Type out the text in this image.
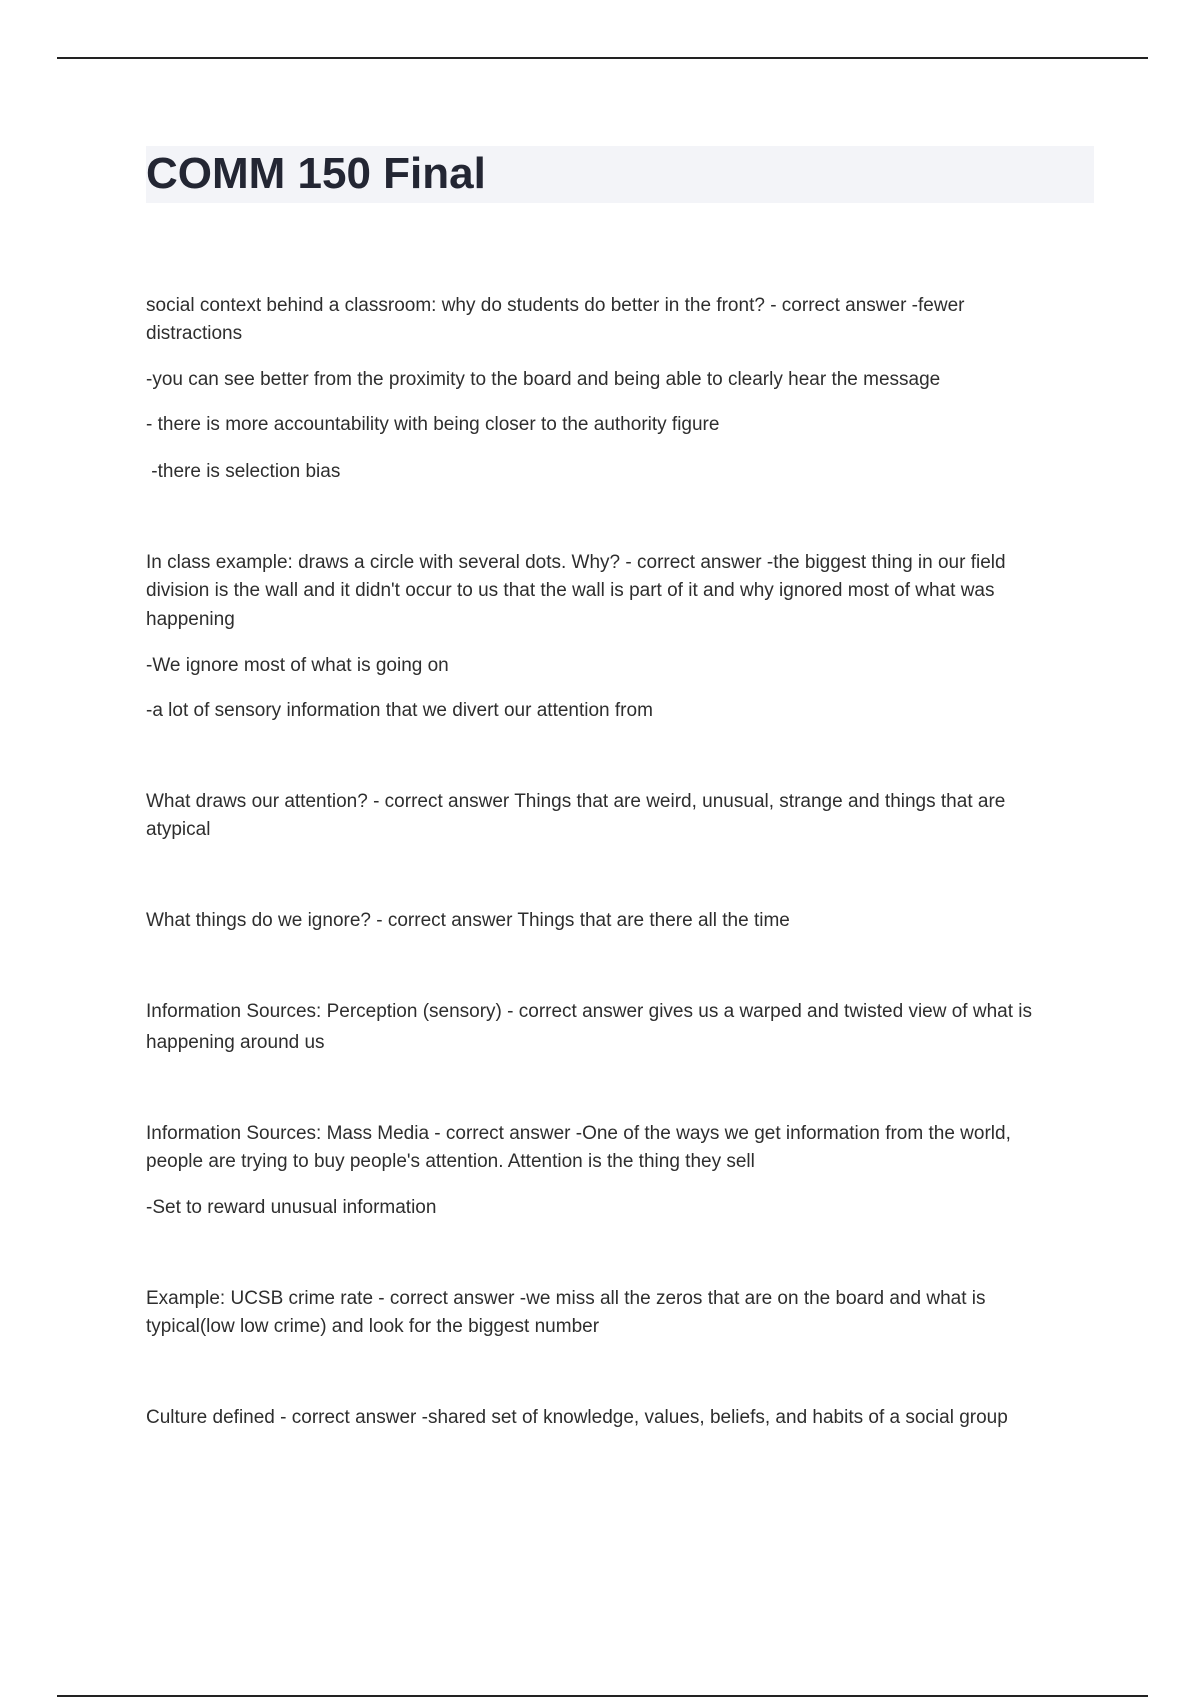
COMM 150 Final
social context behind a classroom: why do students do better in the front? - correct answer -fewer
distractions
-you can see better from the proximity to the board and being able to clearly hear the message
- there is more accountability with being closer to the authority figure
-there is selection bias
In class example: draws a circle with several dots. Why? - correct answer -the biggest thing in our field
division is the wall and it didn't occur to us that the wall is part of it and why ignored most of what was
happening
-We ignore most of what is going on
-a lot of sensory information that we divert our attention from
What draws our attention? - correct answer Things that are weird, unusual, strange and things that are
atypical
What things do we ignore? - correct answer Things that are there all the time
Information Sources: Perception (sensory) - correct answer gives us a warped and twisted view of what is
happening around us
Information Sources: Mass Media - correct answer -One of the ways we get information from the world,
people are trying to buy people's attention. Attention is the thing they sell
-Set to reward unusual information
Example: UCSB crime rate - correct answer -we miss all the zeros that are on the board and what is
typical(low low crime) and look for the biggest number
Culture defined - correct answer -shared set of knowledge, values, beliefs, and habits of a social group
